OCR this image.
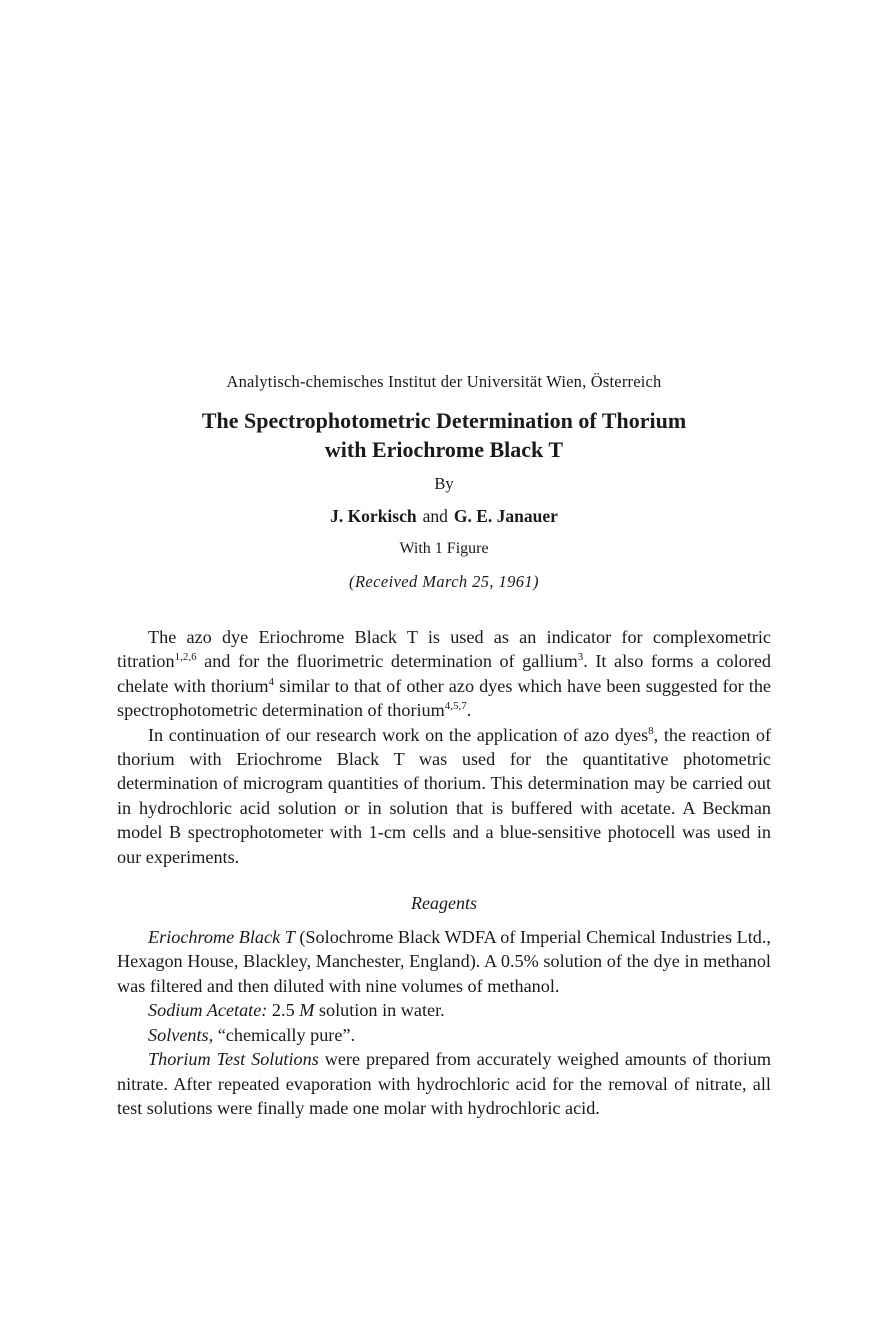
Analytisch-chemisches Institut der Universität Wien, Österreich

The Spectrophotometric Determination of Thorium
with Eriochrome Black T

By

J. Korkisch and G. E. Janauer

With 1 Figure

(Received March 25, 1961)

The azo dye Eriochrome Black T is used as an indicator for complexometric titration$^{1,2,6}$ and for the fluorimetric determination of gallium$^3$. It also forms a colored chelate with thorium$^4$ similar to that of other azo dyes which have been suggested for the spectrophotometric determination of thorium$^{4,5,7}$.

In continuation of our research work on the application of azo dyes$^8$, the reaction of thorium with Eriochrome Black T was used for the quantitative photometric determination of microgram quantities of thorium. This determination may be carried out in hydrochloric acid solution or in solution that is buffered with acetate. A Beckman model B spectrophotometer with 1-cm cells and a blue-sensitive photocell was used in our experiments.

Reagents

Eriochrome Black T (Solochrome Black WDFA of Imperial Chemical Industries Ltd., Hexagon House, Blackley, Manchester, England). A 0.5% solution of the dye in methanol was filtered and then diluted with nine volumes of methanol.

Sodium Acetate: 2.5 M solution in water.

Solvents, “chemically pure”.

Thorium Test Solutions were prepared from accurately weighed amounts of thorium nitrate. After repeated evaporation with hydrochloric acid for the removal of nitrate, all test solutions were finally made one molar with hydrochloric acid.
